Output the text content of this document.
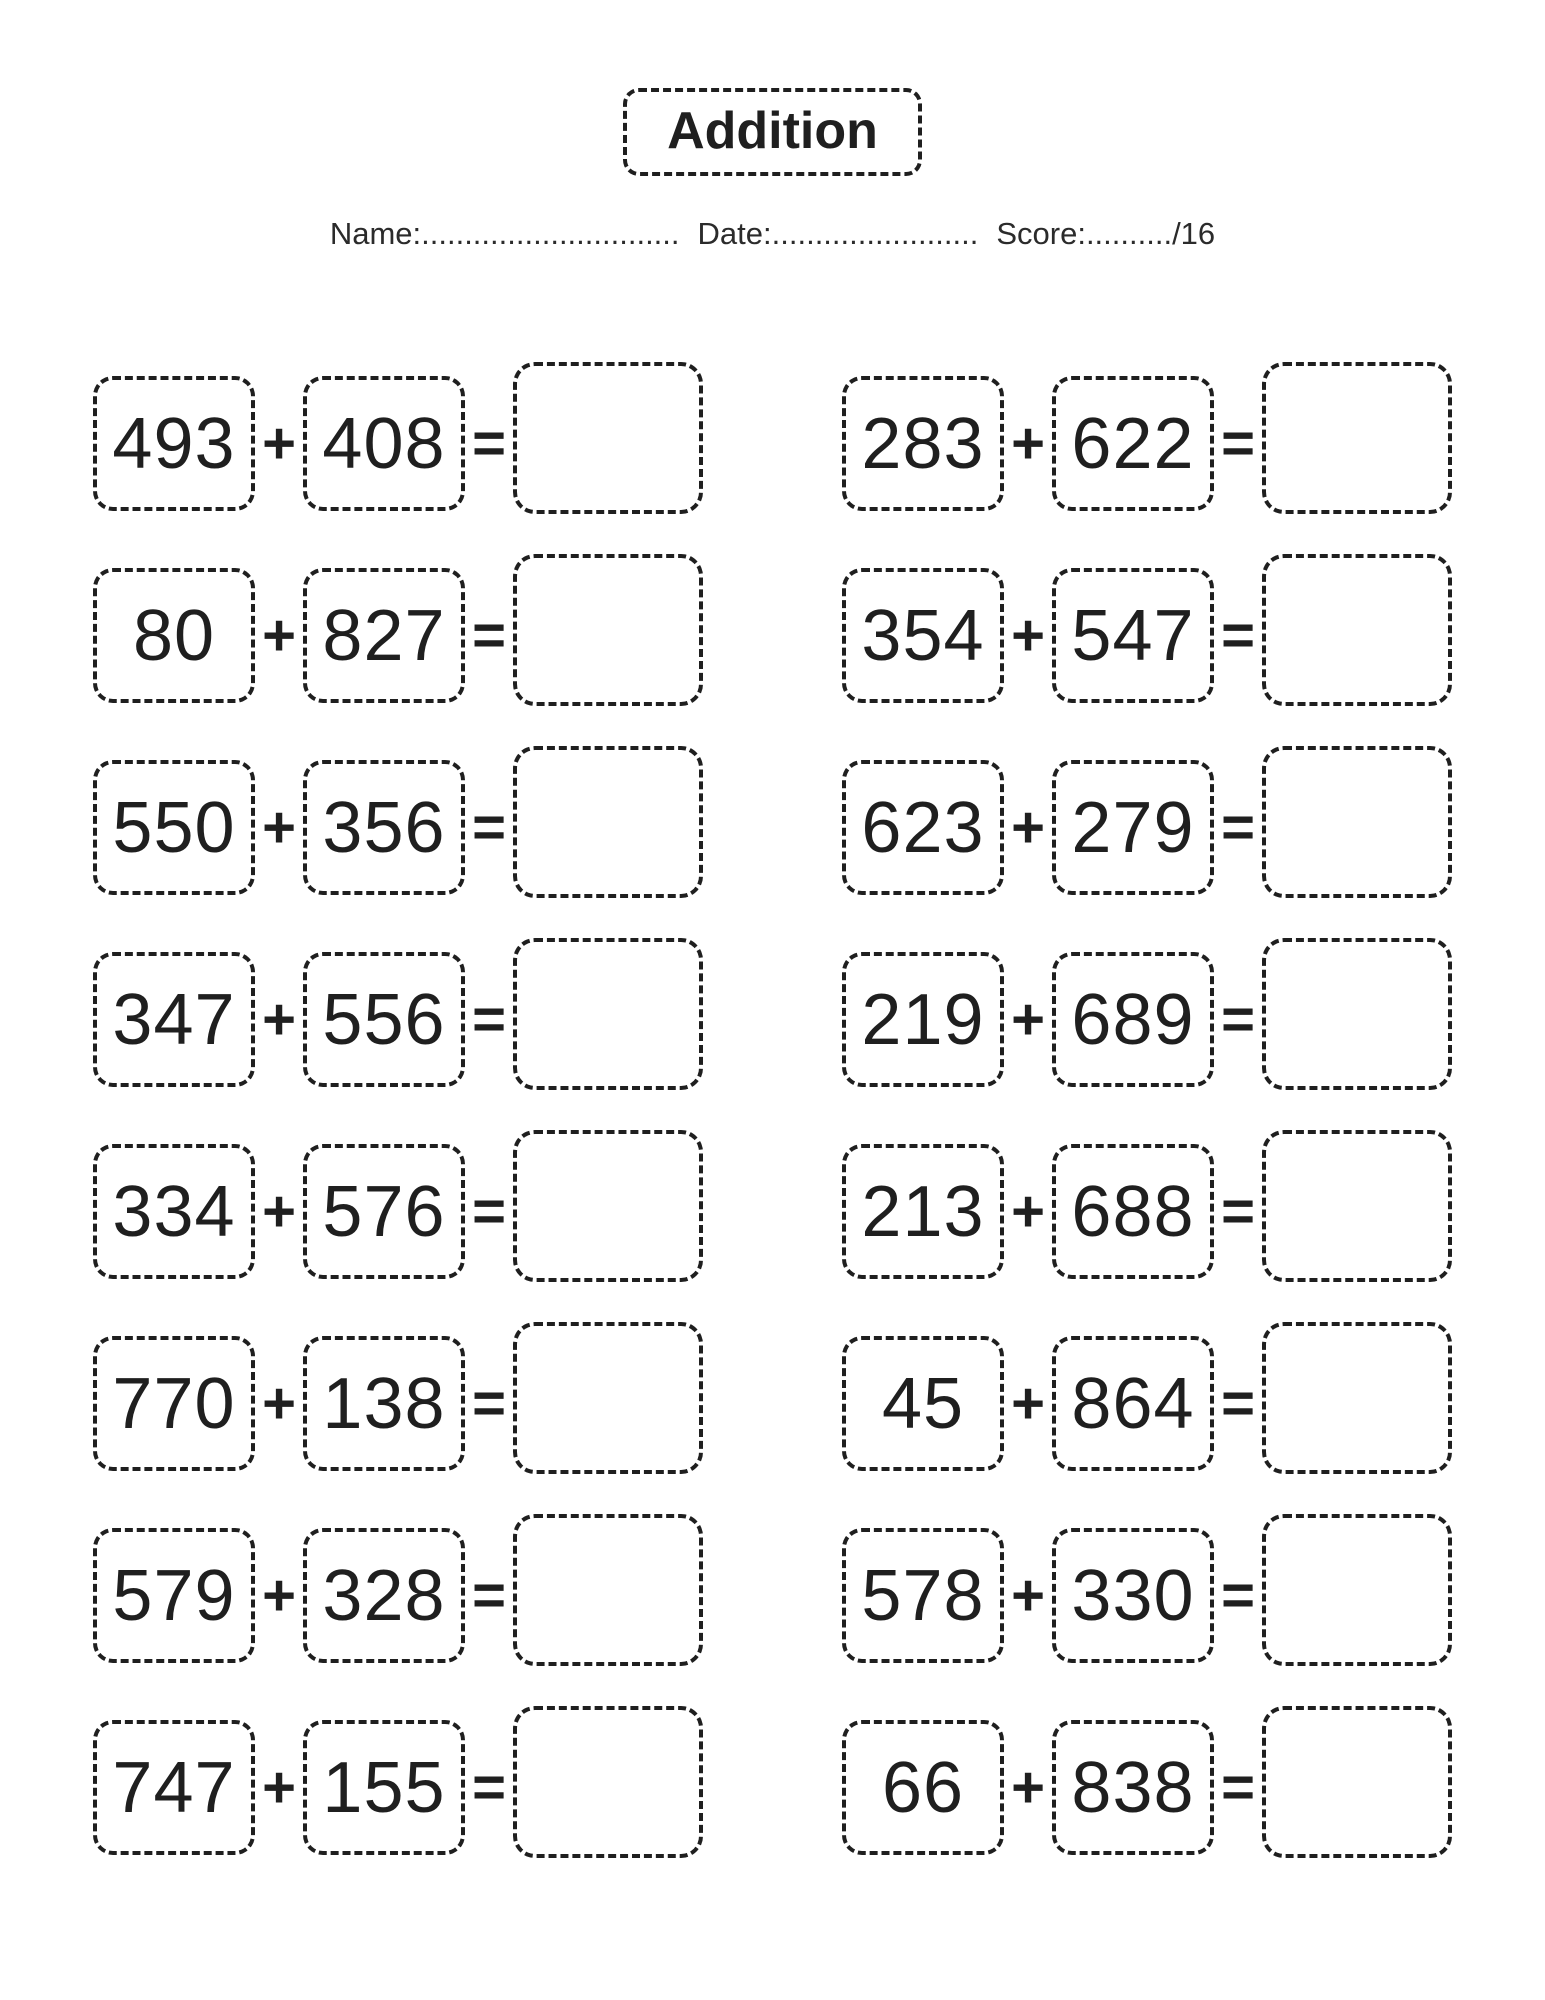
Addition
Name:.............................. Date:........................ Score:........../16
493 + 408 =	283 + 622 =
80 + 827 =	354 + 547 =
550 + 356 =	623 + 279 =
347 + 556 =	219 + 689 =
334 + 576 =	213 + 688 =
770 + 138 =	45 + 864 =
579 + 328 =	578 + 330 =
747 + 155 =	66 + 838 =
